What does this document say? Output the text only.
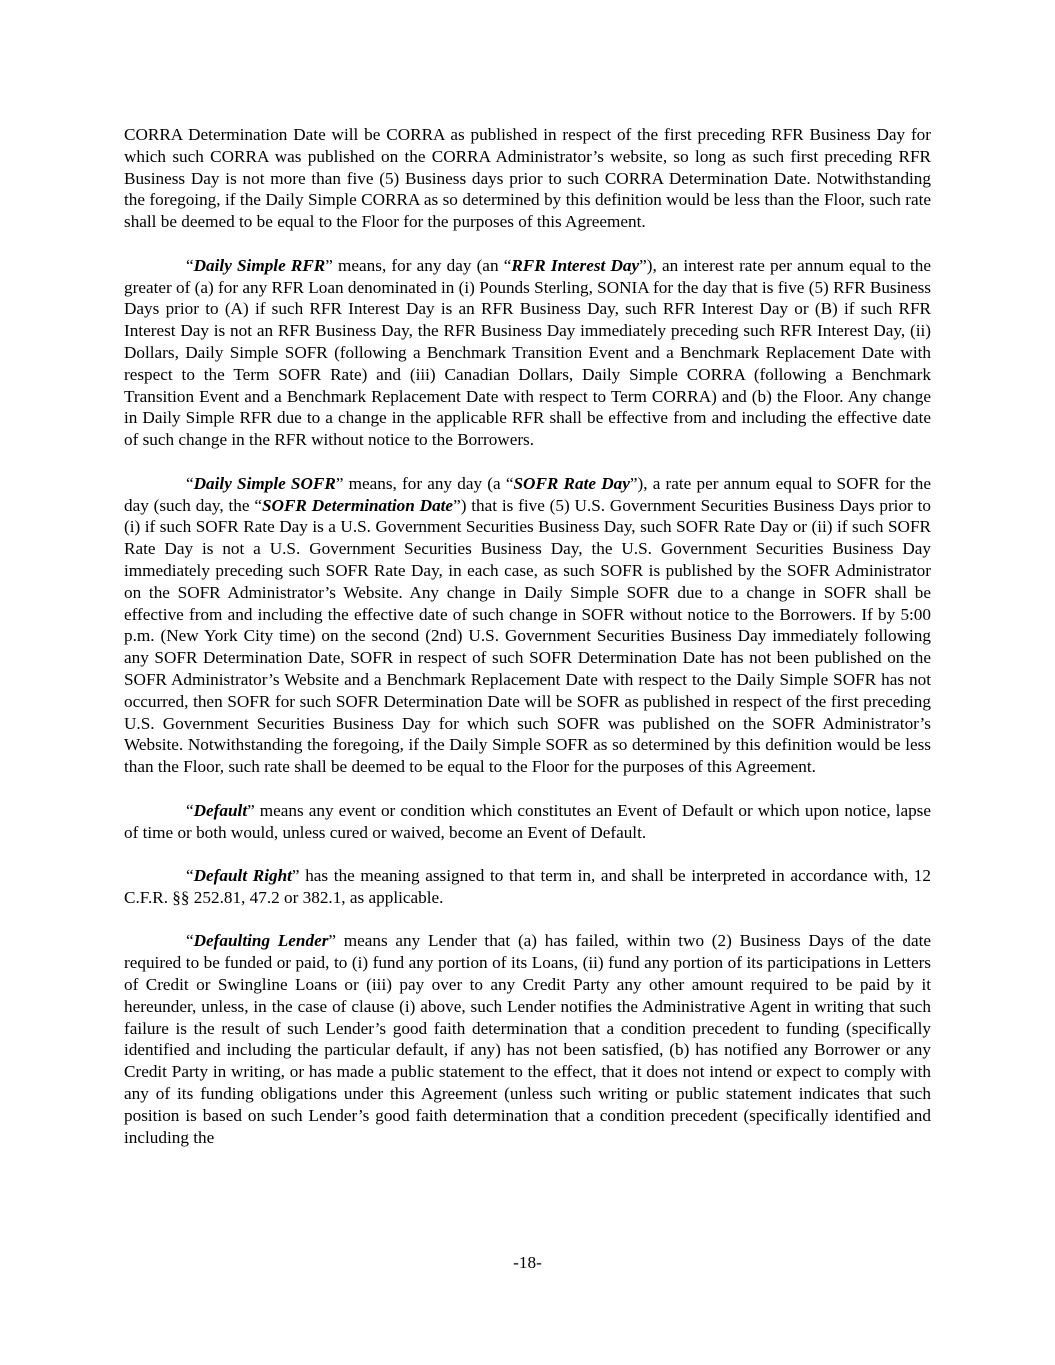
CORRA Determination Date will be CORRA as published in respect of the first preceding RFR Business Day for which such CORRA was published on the CORRA Administrator’s website, so long as such first preceding RFR Business Day is not more than five (5) Business days prior to such CORRA Determination Date. Notwithstanding the foregoing, if the Daily Simple CORRA as so determined by this definition would be less than the Floor, such rate shall be deemed to be equal to the Floor for the purposes of this Agreement.

“Daily Simple RFR” means, for any day (an “RFR Interest Day”), an interest rate per annum equal to the greater of (a) for any RFR Loan denominated in (i) Pounds Sterling, SONIA for the day that is five (5) RFR Business Days prior to (A) if such RFR Interest Day is an RFR Business Day, such RFR Interest Day or (B) if such RFR Interest Day is not an RFR Business Day, the RFR Business Day immediately preceding such RFR Interest Day, (ii) Dollars, Daily Simple SOFR (following a Benchmark Transition Event and a Benchmark Replacement Date with respect to the Term SOFR Rate) and (iii) Canadian Dollars, Daily Simple CORRA (following a Benchmark Transition Event and a Benchmark Replacement Date with respect to Term CORRA) and (b) the Floor. Any change in Daily Simple RFR due to a change in the applicable RFR shall be effective from and including the effective date of such change in the RFR without notice to the Borrowers.

“Daily Simple SOFR” means, for any day (a “SOFR Rate Day”), a rate per annum equal to SOFR for the day (such day, the “SOFR Determination Date”) that is five (5) U.S. Government Securities Business Days prior to (i) if such SOFR Rate Day is a U.S. Government Securities Business Day, such SOFR Rate Day or (ii) if such SOFR Rate Day is not a U.S. Government Securities Business Day, the U.S. Government Securities Business Day immediately preceding such SOFR Rate Day, in each case, as such SOFR is published by the SOFR Administrator on the SOFR Administrator’s Website. Any change in Daily Simple SOFR due to a change in SOFR shall be effective from and including the effective date of such change in SOFR without notice to the Borrowers. If by 5:00 p.m. (New York City time) on the second (2nd) U.S. Government Securities Business Day immediately following any SOFR Determination Date, SOFR in respect of such SOFR Determination Date has not been published on the SOFR Administrator’s Website and a Benchmark Replacement Date with respect to the Daily Simple SOFR has not occurred, then SOFR for such SOFR Determination Date will be SOFR as published in respect of the first preceding U.S. Government Securities Business Day for which such SOFR was published on the SOFR Administrator’s Website. Notwithstanding the foregoing, if the Daily Simple SOFR as so determined by this definition would be less than the Floor, such rate shall be deemed to be equal to the Floor for the purposes of this Agreement.

“Default” means any event or condition which constitutes an Event of Default or which upon notice, lapse of time or both would, unless cured or waived, become an Event of Default.

“Default Right” has the meaning assigned to that term in, and shall be interpreted in accordance with, 12 C.F.R. §§ 252.81, 47.2 or 382.1, as applicable.

“Defaulting Lender” means any Lender that (a) has failed, within two (2) Business Days of the date required to be funded or paid, to (i) fund any portion of its Loans, (ii) fund any portion of its participations in Letters of Credit or Swingline Loans or (iii) pay over to any Credit Party any other amount required to be paid by it hereunder, unless, in the case of clause (i) above, such Lender notifies the Administrative Agent in writing that such failure is the result of such Lender’s good faith determination that a condition precedent to funding (specifically identified and including the particular default, if any) has not been satisfied, (b) has notified any Borrower or any Credit Party in writing, or has made a public statement to the effect, that it does not intend or expect to comply with any of its funding obligations under this Agreement (unless such writing or public statement indicates that such position is based on such Lender’s good faith determination that a condition precedent (specifically identified and including the

-18-
